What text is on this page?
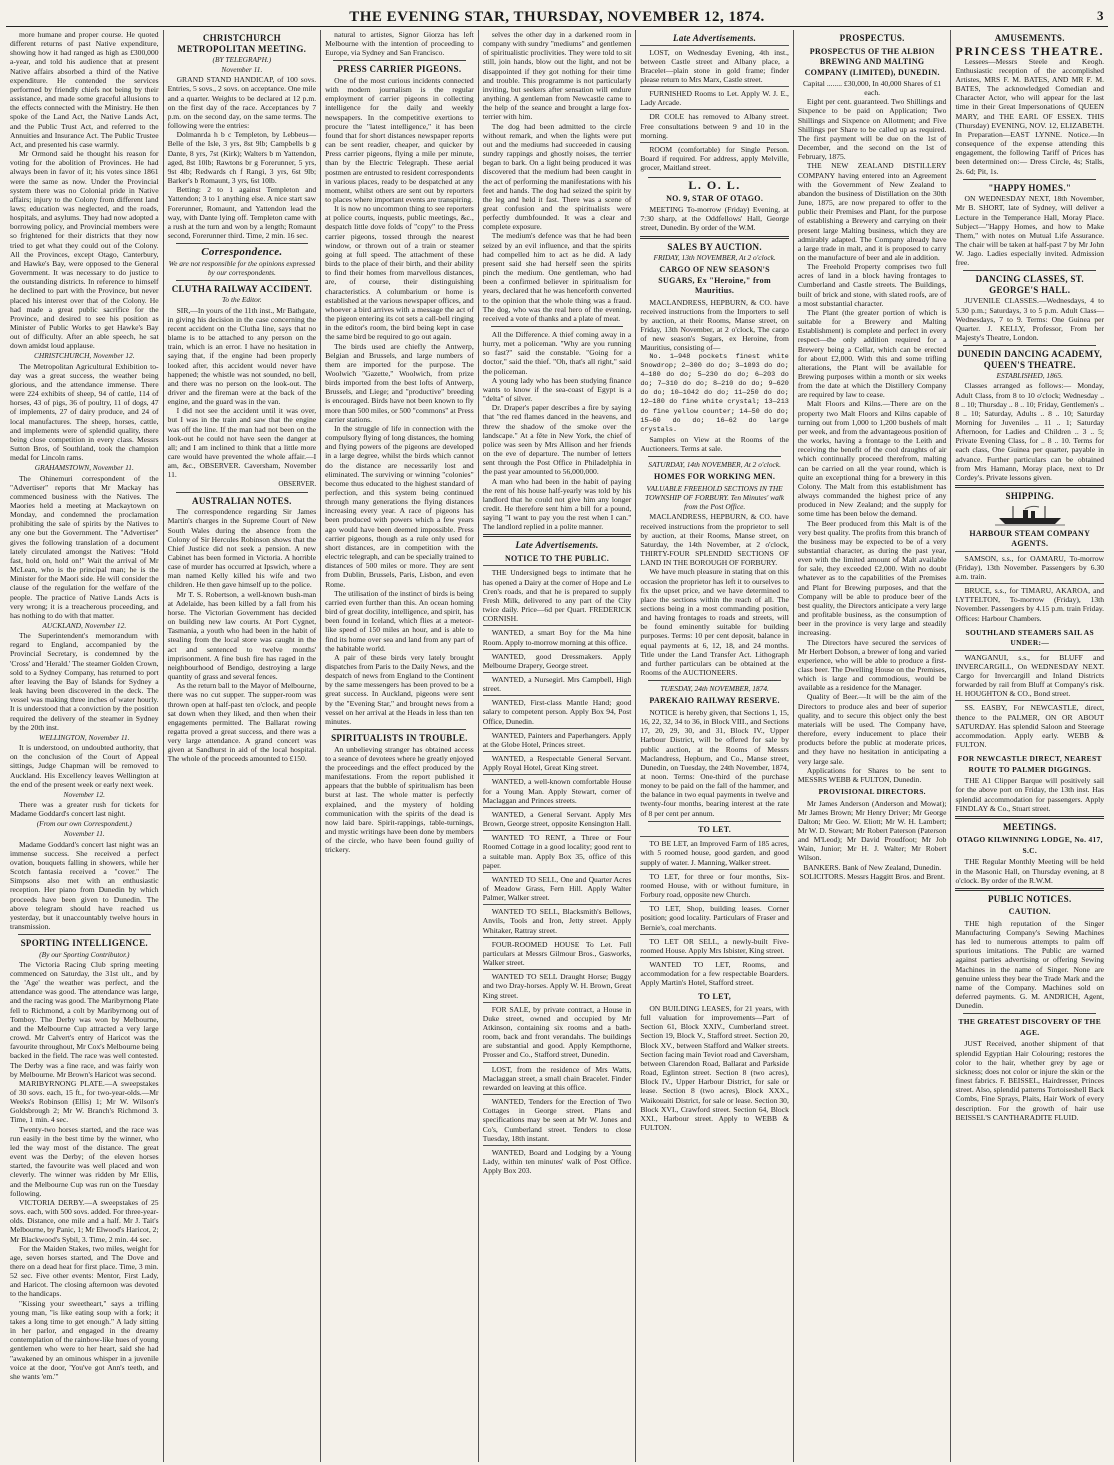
THE EVENING STAR, THURSDAY, NOVEMBER 12, 1874.	3

more humane and proper course. He quoted different returns of past Native expenditure, showing how it had ranged as high as £300,000 a-year, and told his audience that at present Native affairs absorbed a third of the Native expenditure. He contended the services performed by friendly chiefs not being by their assistance, and made some graceful allusions to the effects connected with the Ministry. He then spoke of the Land Act, the Native Lands Act, and the Public Trust Act, and referred to the Annuities and Insurance Act. The Public Trustee Act, and presented his case warmly.

Mr Ormond said he thought his reason for voting for the abolition of Provinces. He had always been in favor of it; his votes since 1861 were the same as now. Under the Provincial system there was no Colonial pride in Native affairs; injury to the Colony from different land laws; education was neglected, and the roads, hospitals, and asylums. They had now adopted a borrowing policy, and Provincial members were so frightened for their districts that they now tried to get what they could out of the Colony. All the Provinces, except Otago, Canterbury, and Hawke's Bay, were opposed to the General Government. It was necessary to do justice to the outstanding districts. In reference to himself he declined to part with the Province, but never placed his interest over that of the Colony. He had made a great public sacrifice for the Province, and desired to see his position as Minister of Public Works to get Hawke's Bay out of difficulty. After an able speech, he sat down amidst loud applause.

CHRISTCHURCH, November 12.

The Metropolitan Agricultural Exhibition to-day was a great success, the weather being glorious, and the attendance immense. There were 224 exhibits of sheep, 94 of cattle, 114 of horses, 43 of pigs, 36 of poultry, 11 of dogs, 47 of implements, 27 of dairy produce, and 24 of local manufactures. The sheep, horses, cattle, and implements were of splendid quality, there being close competition in every class. Messrs Sutton Bros, of Southland, took the champion medal for Lincoln rams.

GRAHAMSTOWN, November 11.

The Ohinemuri correspondent of the "Advertiser" reports that Mr Mackay has commenced business with the Natives. The Maories held a meeting at Mackaytown on Monday, and condemned the proclamation prohibiting the sale of spirits by the Natives to any one but the Government. The "Advertiser" gives the following translation of a document lately circulated amongst the Natives: "Hold fast, hold on, hold on!" Wait the arrival of Mr McLean, who is the principal man; he is the Minister for the Maori side. He will consider the clause of the regulation for the welfare of the people. The practice of Native Lands Acts is very wrong; it is a treacherous proceeding, and has nothing to do with that matter.

AUCKLAND, November 12.

The Superintendent's memorandum with regard to England, accompanied by the Provincial Secretary, is condemned by the 'Cross' and 'Herald.' The steamer Golden Crown, sold to a Sydney Company, has returned to port after leaving the Bay of Islands for Sydney a leak having been discovered in the deck. The vessel was making three inches of water hourly. It is understood that a conviction by the position required the delivery of the steamer in Sydney by the 20th inst.

WELLINGTON, November 11.

It is understood, on undoubted authority, that on the conclusion of the Court of Appeal sittings, Judge Chapman will be removed to Auckland. His Excellency leaves Wellington at the end of the present week or early next week.

November 12.

There was a greater rush for tickets for Madame Goddard's concert last night.

(From our own Correspondent.)
November 11.

Madame Goddard's concert last night was an immense success. She received a perfect ovation, bouquets falling in showers, while her Scotch fantasia received a "cover." The Simpsons also met with an enthusiastic reception. Her piano from Dunedin by which proceeds have been given to Dunedin. The above telegram should have reached us yesterday, but it unaccountably twelve hours in transmission.

SPORTING INTELLIGENCE.
(By our Sporting Contributor.)

The Victoria Racing Club spring meeting commenced on Saturday, the 31st ult., and by the 'Age' the weather was perfect, and the attendance was good. The attendance was large, and the racing was good. The Maribyrnong Plate fell to Richmond, a colt by Maribyrnong out of Tomboy. The Derby was won by Melbourne, and the Melbourne Cup attracted a very large crowd. Mr Calvert's entry of Haricot was the favourite throughout, Mr Cox's Melbourne being backed in the field. The race was well contested. The Derby was a fine race, and was fairly won by Melbourne. Mr Brown's Haricot was second.

MARIBYRNONG PLATE.—A sweepstakes of 30 sovs. each, 15 ft., for two-year-olds.—Mr Weeks's Robinson (Ellis) 1; Mr W. Wilson's Goldsbrough 2; Mr W. Branch's Richmond 3. Time, 1 min. 4 sec.

Twenty-two horses started, and the race was run easily in the best time by the winner, who led the way most of the distance. The great event was the Derby; of the eleven horses started, the favourite was well placed and won cleverly. The winner was ridden by Mr Ellis, and the Melbourne Cup was run on the Tuesday following.

VICTORIA DERBY.—A sweepstakes of 25 sovs. each, with 500 sovs. added. For three-year-olds. Distance, one mile and a half. Mr J. Tait's Melbourne, by Panic, 1; Mr Elwood's Haricot, 2; Mr Blackwood's Sybil, 3. Time, 2 min. 44 sec.

For the Maiden Stakes, two miles, weight for age, seven horses started, and The Dove and there on a dead heat for first place. Time, 3 min. 52 sec. Five other events: Mentor, First Lady, and Haricot. The closing afternoon was devoted to the handicaps.

"Kissing your sweetheart," says a trifling young man, "is like eating soup with a fork; it takes a long time to get enough." A lady sitting in her parlor, and engaged in the dreamy contemplation of the rainbow-like hues of young gentlemen who were to her heart, said she had "awakened by an ominous whisper in a juvenile voice at the door, 'You've got Ann's teeth, and she wants 'em.'"

CHRISTCHURCH METROPOLITAN MEETING.
(BY TELEGRAPH.)
November 11.

GRAND STAND HANDICAP, of 100 sovs. Entries, 5 sovs., 2 sovs. on acceptance. One mile and a quarter. Weights to be declared at 12 p.m. on the first day of the race. Acceptances by 7 p.m. on the second day, on the same terms. The following were the entries:

Dolmanrda h b c Templeton, by Lebbeus—Belle of the Isle, 3 yrs, 8st 9lb; Campbells b g Dante, 8 yrs, 7st (Kirk); Walters b m Yattendon, aged, 8st 10lb; Rawtons br g Forerunner, 5 yrs, 9st 4lb; Redwards ch f Rangi, 3 yrs, 6st 9lb; Barker's b Romaunt, 3 yrs, 6st 10lb.

Betting: 2 to 1 against Templeton and Yattendon; 3 to 1 anything else. A nice start saw Forerunner, Romaunt, and Yattendon lead the way, with Dante lying off. Templeton came with a rush at the turn and won by a length; Romaunt second, Forerunner third. Time, 2 min. 16 sec.

Correspondence.
We are not responsible for the opinions expressed by our correspondents.
CLUTHA RAILWAY ACCIDENT.
To the Editor.

SIR,—In yours of the 11th inst., Mr Bathgate, in giving his decision in the case concerning the recent accident on the Clutha line, says that no blame is to be attached to any person on the train, which is an error. I have no hesitation in saying that, if the engine had been properly looked after, this accident would never have happened; the whistle was not sounded, no bell, and there was no person on the look-out. The driver and the fireman were at the back of the engine, and the guard was in the van.

I did not see the accident until it was over, but I was in the train and saw that the engine was off the line. If the man had not been on the look-out he could not have seen the danger at all; and I am inclined to think that a little more care would have prevented the whole affair.—I am, &c., OBSERVER. Caversham, November 11.

OBSERVER.
AUSTRALIAN NOTES.

The correspondence regarding Sir James Martin's charges in the Supreme Court of New South Wales during the absence from the Colony of Sir Hercules Robinson shows that the Chief Justice did not seek a pension. A new Cabinet has been formed in Victoria. A horrible case of murder has occurred at Ipswich, where a man named Kelly killed his wife and two children. He then gave himself up to the police.

Mr T. S. Robertson, a well-known bush-man at Adelaide, has been killed by a fall from his horse. The Victorian Government has decided on building new law courts. At Port Cygnet, Tasmania, a youth who had been in the habit of stealing from the local store was caught in the act and sentenced to twelve months' imprisonment. A fine bush fire has raged in the neighbourhood of Bendigo, destroying a large quantity of grass and several fences.

As the return ball to the Mayor of Melbourne, there was no cut supper. The supper-room was thrown open at half-past ten o'clock, and people sat down when they liked, and then when their engagements permitted. The Ballarat rowing regatta proved a great success, and there was a very large attendance. A grand concert was given at Sandhurst in aid of the local hospital. The whole of the proceeds amounted to £150.

natural to artistes, Signor Giorza has left Melbourne with the intention of proceeding to Europe, via Sydney and San Francisco.

PRESS CARRIER PIGEONS.

One of the most curious incidents connected with modern journalism is the regular employment of carrier pigeons in collecting intelligence for the daily and weekly newspapers. In the competitive exertions to procure the "latest intelligence," it has been found that for short distances newspaper reports can be sent readier, cheaper, and quicker by Press carrier pigeons, flying a mile per minute, than by the Electric Telegraph. These aerial postmen are entrusted to resident correspondents in various places, ready to be despatched at any moment, whilst others are sent out by reporters to places where important events are transpiring.

It is now no uncommon thing to see reporters at police courts, inquests, public meetings, &c., despatch little dove folds of "copy" to the Press carrier pigeons, tossed through the nearest window, or thrown out of a train or steamer going at full speed. The attachment of these birds to the place of their birth, and their ability to find their homes from marvellous distances, are, of course, their distinguishing characteristics. A columbarium or home is established at the various newspaper offices, and whoever a bird arrives with a message the act of the pigeon entering its cot sets a call-bell ringing in the editor's room, the bird being kept in case the same bird be required to go out again.

The birds used are chiefly the Antwerp, Belgian and Brussels, and large numbers of them are imported for the purpose. The Woolwich "Gazette," Woolwich, from prize birds imported from the best lofts of Antwerp, Brussels, and Liege; and "productive" breeding is encouraged. Birds have not been known to fly more than 500 miles, or 500 "commons" at Press carrier stations.

In the struggle of life in connection with the compulsory flying of long distances, the homing and flying powers of the pigeons are developed in a large degree, whilst the birds which cannot do the distance are necessarily lost and eliminated. The surviving or winning "colonies" become thus educated to the highest standard of perfection, and this system being continued through many generations the flying distances increasing every year. A race of pigeons has been produced with powers which a few years ago would have been deemed impossible. Press carrier pigeons, though as a rule only used for short distances, are in competition with the electric telegraph, and can be specially trained to distances of 500 miles or more. They are sent from Dublin, Brussels, Paris, Lisbon, and even Rome.

The utilisation of the instinct of birds is being carried even further than this. An ocean homing bird of great docility, intelligence, and spirit, has been found in Iceland, which flies at a meteor-like speed of 150 miles an hour, and is able to find its home over sea and land from any part of the habitable world.

A pair of these birds very lately brought dispatches from Paris to the Daily News, and the despatch of news from England to the Continent by the same messengers has been proved to be a great success. In Auckland, pigeons were sent by the "Evening Star," and brought news from a vessel on her arrival at the Heads in less than ten minutes.

SPIRITUALISTS IN TROUBLE.

An unbelieving stranger has obtained access to a seance of devotees where he greatly enjoyed the proceedings and the effect produced by the manifestations. From the report published it appears that the bubble of spiritualism has been burst at last. The whole matter is perfectly explained, and the mystery of holding communication with the spirits of the dead is now laid bare. Spirit-rappings, table-turnings, and mystic writings have been done by members of the circle, who have been found guilty of trickery.

selves the other day in a darkened room in company with sundry "mediums" and gentlemen of spiritualistic proclivities. They were told to sit still, join hands, blow out the light, and not be disappointed if they got nothing for their time and trouble. This programme is not particularly inviting, but seekers after sensation will endure anything. A gentleman from Newcastle came to the help of the seance and brought a large fox-terrier with him.

The dog had been admitted to the circle without remark, and when the lights were put out and the mediums had succeeded in causing sundry rappings and ghostly noises, the terrier began to bark. On a light being produced it was discovered that the medium had been caught in the act of performing the manifestations with his feet and hands. The dog had seized the spirit by the leg and held it fast. There was a scene of great confusion and the spiritualists were perfectly dumbfounded. It was a clear and complete exposure.

The medium's defence was that he had been seized by an evil influence, and that the spirits had compelled him to act as he did. A lady present said she had herself seen the spirits pinch the medium. One gentleman, who had been a confirmed believer in spiritualism for years, declared that he was henceforth converted to the opinion that the whole thing was a fraud. The dog, who was the real hero of the evening, received a vote of thanks and a plate of meat.

All the Difference. A thief coming away in a hurry, met a policeman. "Why are you running so fast?" said the constable. "Going for a doctor," said the thief. "Oh, that's all right," said the policeman.

A young lady who has been studying finance wants to know if the sea-coast of Egypt is a "delta" of silver.

Dr. Draper's paper describes a fire by saying that "the red flames danced in the heavens, and threw the shadow of the smoke over the landscape." At a fête in New York, the chief of police was seen by Mrs Allison and her friends on the eve of departure. The number of letters sent through the Post Office in Philadelphia in the past year amounted to 56,000,000.

A man who had been in the habit of paying the rent of his house half-yearly was told by his landlord that he could not give him any longer credit. He therefore sent him a bill for a pound, saying "I want to pay you the rest when I can." The landlord replied in a polite manner.

Late Advertisements.
NOTICE TO THE PUBLIC.

THE Undersigned begs to intimate that he has opened a Dairy at the corner of Hope and Le Cren's roads, and that he is prepared to supply Fresh Milk, delivered to any part of the City twice daily. Price—6d per Quart. FREDERICK CORNISH.

WANTED, a smart Boy for the Ma hine Room. Apply to-morrow morning at this office.

WANTED, good Dressmakers. Apply Melbourne Drapery, George street.

WANTED, a Nursegirl. Mrs Campbell, High street.

WANTED, First-class Mantle Hand; good salary to competent person. Apply Box 94, Post Office, Dunedin.

WANTED, Painters and Paperhangers. Apply at the Globe Hotel, Princes street.

WANTED, a Respectable General Servant. Apply Royal Hotel, Great King street.

WANTED, a well-known comfortable House for a Young Man. Apply Stewart, corner of Maclaggan and Princes streets.

WANTED, a General Servant. Apply Mrs Brown, George street, opposite Kensington Hall.

WANTED TO RENT, a Three or Four Roomed Cottage in a good locality; good rent to a suitable man. Apply Box 35, office of this paper.

WANTED TO SELL, One and Quarter Acres of Meadow Grass, Fern Hill. Apply Walter Palmer, Walker street.

WANTED TO SELL, Blacksmith's Bellows, Anvils, Tools and Iron, Jetty street. Apply Whitaker, Rattray street.

FOUR-ROOMED HOUSE To Let. Full particulars at Messrs Gilmour Bros., Gasworks, Walker street.

WANTED TO SELL Draught Horse; Buggy and two Dray-horses. Apply W. H. Brown, Great King street.

FOR SALE, by private contract, a House in Duke street, owned and occupied by Mr Atkinson, containing six rooms and a bath-room, back and front verandahs. The buildings are substantial and good. Apply Kempthorne, Prosser and Co., Stafford street, Dunedin.

LOST, from the residence of Mrs Watts, Maclaggan street, a small chain Bracelet. Finder rewarded on leaving at this office.

WANTED, Tenders for the Erection of Two Cottages in George street. Plans and specifications may be seen at Mr W. Jones and Co's, Cumberland street. Tenders to close Tuesday, 18th instant.

WANTED, Board and Lodging by a Young Lady, within ten minutes' walk of Post Office. Apply Box 203.

Late Advertisements.

LOST, on Wednesday Evening, 4th inst., between Castle street and Albany place, a Bracelet—plain stone in gold frame; finder please return to Mrs Marx, Castle street.

FURNISHED Rooms to Let. Apply W. J. E., Lady Arcade.

DR COLE has removed to Albany street. Free consultations between 9 and 10 in the morning.

ROOM (comfortable) for Single Person. Board if required. For address, apply Melville, grocer, Maitland street.

L. O. L.
NO. 9, STAR OF OTAGO.

MEETING To-morrow (Friday) Evening, at 7:30 sharp, at the Oddfellows' Hall, George street, Dunedin. By order of the W.M.

SALES BY AUCTION.
FRIDAY, 13th NOVEMBER, At 2 o'clock.
CARGO OF NEW SEASON'S SUGARS, Ex "Heroine," from Mauritius.

MACLANDRESS, HEPBURN, & CO. have received instructions from the Importers to sell by auction, at their Rooms, Manse street, on Friday, 13th November, at 2 o'clock, The cargo of new season's Sugars, ex Heroine, from Mauritius, consisting of—

No. 1—948 pockets finest white Snowdrop; 2—300 do do; 3—1093 do do; 4—180 do do; 5—230 do do; 6—203 do do; 7—310 do do; 8—210 do do; 9—620 do do; 10—1042 do do; 11—250 do do; 12—180 do fine white crystal; 13—213 do fine yellow counter; 14—50 do do; 15—60 do do; 16—62 do large crystals.

Samples on View at the Rooms of the Auctioneers. Terms at sale.

SATURDAY, 14th NOVEMBER, At 2 o'clock.
HOMES FOR WORKING MEN.
VALUABLE FREEHOLD SECTIONS IN THE TOWNSHIP OF FORBURY. Ten Minutes' walk from the Post Office.

MACLANDRESS, HEPBURN, & CO. have received instructions from the proprietor to sell by auction, at their Rooms, Manse street, on Saturday, the 14th November, at 2 o'clock, THIRTY-FOUR SPLENDID SECTIONS OF LAND IN THE BOROUGH OF FORBURY.

We have much pleasure in stating that on this occasion the proprietor has left it to ourselves to fix the upset price, and we have determined to place the sections within the reach of all. The sections being in a most commanding position, and having frontages to roads and streets, will be found eminently suitable for building purposes. Terms: 10 per cent deposit, balance in equal payments at 6, 12, 18, and 24 months. Title under the Land Transfer Act. Lithograph and further particulars can be obtained at the Rooms of the AUCTIONEERS.

TUESDAY, 24th NOVEMBER, 1874.
PAREKAIO RAILWAY RESERVE.

NOTICE is hereby given, that Sections 1, 15, 16, 22, 32, 34 to 36, in Block VIII., and Sections 17, 20, 29, 30, and 31, Block IV., Upper Harbour District, will be offered for sale by public auction, at the Rooms of Messrs Maclandress, Hepburn, and Co., Manse street, Dunedin, on Tuesday, the 24th November, 1874, at noon. Terms: One-third of the purchase money to be paid on the fall of the hammer, and the balance in two equal payments in twelve and twenty-four months, bearing interest at the rate of 8 per cent per annum.

TO LET.

TO BE LET, an Improved Farm of 185 acres, with 5 roomed house, good garden, and good supply of water. J. Manning, Walker street.

TO LET, for three or four months, Six-roomed House, with or without furniture, in Forbury road, opposite new Church.

TO LET, Shop, building leases. Corner position; good locality. Particulars of Fraser and Bernie's, coal merchants.

TO LET OR SELL, a newly-built Five-roomed House. Apply Mrs Isbister, King street.

WANTED TO LET, Rooms, and accommodation for a few respectable Boarders. Apply Martin's Hotel, Stafford street.

TO LET,

ON BUILDING LEASES, for 21 years, with full valuation for improvements—Part of Section 61, Block XXIV., Cumberland street. Section 19, Block V., Stafford street. Section 20, Block XV., between Stafford and Walker streets. Section facing main Teviot road and Caversham, between Clarendon Road, Ballarat and Parkside Road, Eglinton street. Section 8 (two acres), Block IV., Upper Harbour District, for sale or lease. Section 8 (two acres), Block XXX., Waikouaiti District, for sale or lease. Section 30, Block XVI., Crawford street. Section 64, Block XXI., Harbour street. Apply to WEBB & FULTON.

PROSPECTUS.
PROSPECTUS OF THE ALBION BREWING AND MALTING COMPANY (LIMITED), DUNEDIN.

Capital ........ £30,000, In 40,000 Shares of £1 each.

Eight per cent. guaranteed. Two Shillings and Sixpence to be paid on Application; Two Shillings and Sixpence on Allotment; and Five Shillings per Share to be called up as required. The first payment will be due on the 1st of December, and the second on the 1st of February, 1875.

THE NEW ZEALAND DISTILLERY COMPANY having entered into an Agreement with the Government of New Zealand to abandon the business of Distillation on the 30th June, 1875, are now prepared to offer to the public their Premises and Plant, for the purpose of establishing a Brewery and carrying on their present large Malting business, which they are admirably adapted. The Company already have a large trade in malt, and it is proposed to carry on the manufacture of beer and ale in addition.

The Freehold Property comprises two full acres of land in a block having frontages to Cumberland and Castle streets. The Buildings, built of brick and stone, with slated roofs, are of a most substantial character.

The Plant (the greater portion of which is suitable for a Brewery and Malting Establishment) is complete and perfect in every respect—the only addition required for a Brewery being a Cellar, which can be erected for about £2,000. With this and some trifling alterations, the Plant will be available for Brewing purposes within a month or six weeks from the date at which the Distillery Company are required by law to cease.

Malt Floors and Kilns.—There are on the property two Malt Floors and Kilns capable of turning out from 1,000 to 1,200 bushels of malt per week, and from the advantageous position of the works, having a frontage to the Leith and receiving the benefit of the cool draughts of air which continually proceed therefrom, malting can be carried on all the year round, which is quite an exceptional thing for a brewery in this Colony. The Malt from this establishment has always commanded the highest price of any produced in New Zealand; and the supply for some time has been below the demand.

The Beer produced from this Malt is of the very best quality. The profits from this branch of the business may be expected to be of a very substantial character, as during the past year, even with the limited amount of Malt available for sale, they exceeded £2,000. With no doubt whatever as to the capabilities of the Premises and Plant for Brewing purposes, and that the Company will be able to produce beer of the best quality, the Directors anticipate a very large and profitable business, as the consumption of beer in the province is very large and steadily increasing.

The Directors have secured the services of Mr Herbert Dobson, a brewer of long and varied experience, who will be able to produce a first-class beer. The Dwelling House on the Premises, which is large and commodious, would be available as a residence for the Manager.

Quality of Beer.—It will be the aim of the Directors to produce ales and beer of superior quality, and to secure this object only the best materials will be used. The Company have, therefore, every inducement to place their products before the public at moderate prices, and they have no hesitation in anticipating a very large sale.

Applications for Shares to be sent to MESSRS WEBB & FULTON, Dunedin.

PROVISIONAL DIRECTORS.

Mr James Anderson (Anderson and Mowat); Mr James Brown; Mr Henry Driver; Mr George Dalton; Mr Geo. W. Eliott; Mr W. H. Lambert; Mr W. D. Stewart; Mr Robert Paterson (Paterson and M'Leod); Mr David Proudfoot; Mr Job Wain, Junior; Mr H. J. Walter; Mr Robert Wilson.

BANKERS. Bank of New Zealand, Dunedin.

SOLICITORS. Messrs Haggitt Bros. and Brent.

AMUSEMENTS.
PRINCESS THEATRE.

Lessees—Messrs Steele and Keogh. Enthusiastic reception of the accomplished Artistes, MRS F. M. BATES, AND MR F. M. BATES, The acknowledged Comedian and Character Actor, who will appear for the last time in their Great Impersonations of QUEEN MARY, and THE EARL OF ESSEX. THIS (Thursday) EVENING, NOV. 12, ELIZABETH. In Preparation—EAST LYNNE. Notice.—In consequence of the expense attending this engagement, the following Tariff of Prices has been determined on:— Dress Circle, 4s; Stalls, 2s. 6d; Pit, 1s.

"HAPPY HOMES."

ON WEDNESDAY NEXT, 18th November, Mr B. SHORT, late of Sydney, will deliver a Lecture in the Temperance Hall, Moray Place. Subject—"Happy Homes, and how to Make Them," with notes on Mutual Life Assurance. The chair will be taken at half-past 7 by Mr John W. Jago. Ladies especially invited. Admission free.

DANCING CLASSES, ST. GEORGE'S HALL.

JUVENILE CLASSES.—Wednesdays, 4 to 5.30 p.m.; Saturdays, 3 to 5 p.m. Adult Class—Wednesdays, 7 to 9. Terms: One Guinea per Quarter. J. KELLY, Professor, From her Majesty's Theatre, London.

DUNEDIN DANCING ACADEMY, QUEEN'S THEATRE.
ESTABLISHED, 1865.

Classes arranged as follows:— Monday, Adult Class, from 8 to 10 o'clock; Wednesday .. 8 .. 10; Thursday .. 8 .. 10; Friday, Gentlemen's .. 8 .. 10; Saturday, Adults .. 8 .. 10; Saturday Morning for Juveniles .. 11 .. 1; Saturday Afternoon, for Ladies and Children .. 3 .. 5; Private Evening Class, for .. 8 .. 10. Terms for each class, One Guinea per quarter, payable in advance. Further particulars can be obtained from Mrs Hamann, Moray place, next to Dr Cordey's. Private lessons given.

SHIPPING.
HARBOUR STEAM COMPANY AGENTS.

SAMSON, s.s., for OAMARU, To-morrow (Friday), 13th November. Passengers by 6.30 a.m. train.

BRUCE, s.s., for TIMARU, AKAROA, and LYTTELTON, To-morrow (Friday), 13th November. Passengers by 4.15 p.m. train Friday. Offices: Harbour Chambers.

SOUTHLAND STEAMERS SAIL AS UNDER:—

WANGANUI, s.s., for BLUFF and INVERCARGILL, On WEDNESDAY NEXT. Cargo for Invercargill and Inland Districts forwarded by rail from Bluff at Company's risk. H. HOUGHTON & CO., Bond street.

SS. EASBY, For NEWCASTLE, direct, thence to the PALMER, ON OR ABOUT SATURDAY. Has splendid Saloon and Steerage accommodation. Apply early. WEBB & FULTON.

FOR NEWCASTLE DIRECT, NEAREST ROUTE TO PALMER DIGGINGS.

THE A1 Clipper Barque will positively sail for the above port on Friday, the 13th inst. Has splendid accommodation for passengers. Apply FINDLAY & Co., Stuart street.

MEETINGS.
OTAGO KILWINNING LODGE, No. 417, S.C.

THE Regular Monthly Meeting will be held in the Masonic Hall, on Thursday evening, at 8 o'clock. By order of the R.W.M.

PUBLIC NOTICES.
CAUTION.

THE high reputation of the Singer Manufacturing Company's Sewing Machines has led to numerous attempts to palm off spurious imitations. The Public are warned against parties advertising or offering Sewing Machines in the name of Singer. None are genuine unless they bear the Trade Mark and the name of the Company. Machines sold on deferred payments. G. M. ANDRICH, Agent, Dunedin.

THE GREATEST DISCOVERY OF THE AGE.

JUST Received, another shipment of that splendid Egyptian Hair Colouring; restores the color to the hair, whether grey by age or sickness; does not color or injure the skin or the finest fabrics. F. BEISSEL, Hairdresser, Princes street. Also, splendid patterns Tortoiseshell Back Combs, Fine Sprays, Plaits, Hair Work of every description. For the growth of hair use BEISSEL'S CANTHARADITE FLUID.
